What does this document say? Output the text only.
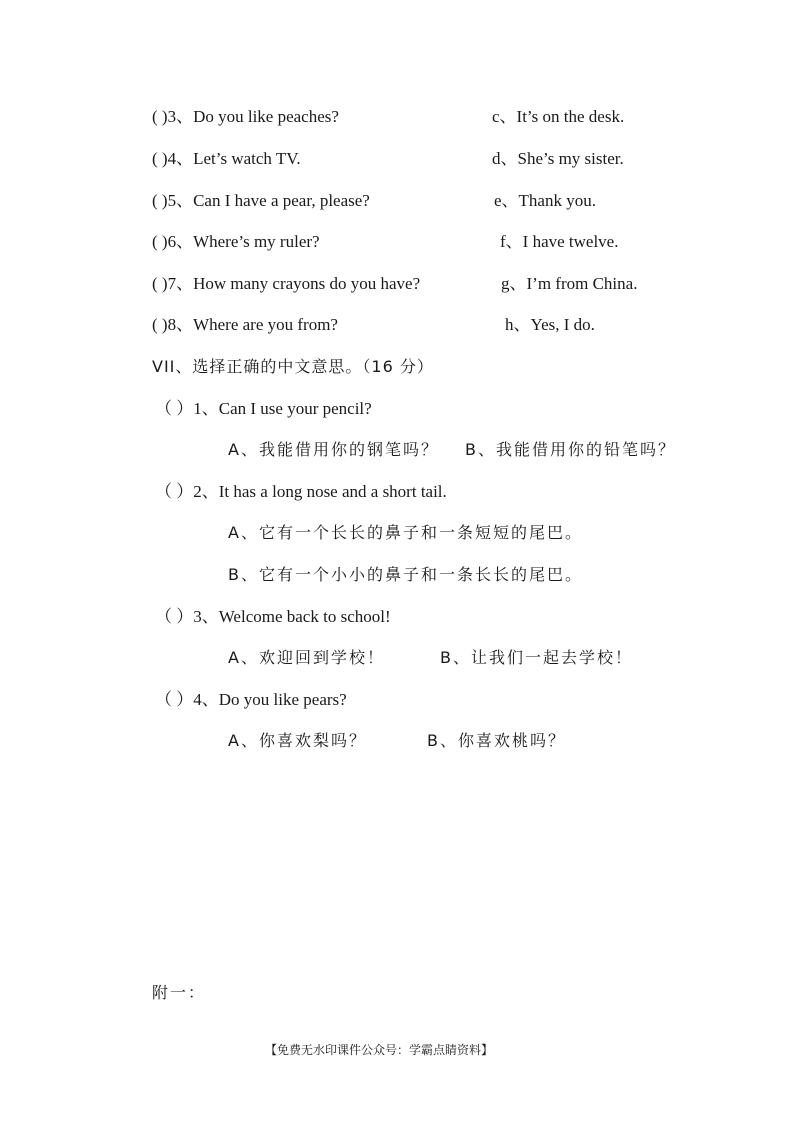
( )3、Do you like peaches?	c、It’s on the desk.
( )4、Let’s watch TV.	d、She’s my sister.
( )5、Can I have a pear, please?	e、Thank you.
( )6、Where’s my ruler?	f、I have twelve.
( )7、How many crayons do you have?	g、I’m from China.
( )8、Where are you from?	h、Yes, I do.
VII、选择正确的中文意思。（16 分）
（ ）1、Can I use your pencil?
A、我能借用你的钢笔吗？ B、我能借用你的铅笔吗？
（ ）2、It has a long nose and a short tail.
A、它有一个长长的鼻子和一条短短的尾巴。
B、它有一个小小的鼻子和一条长长的尾巴。
（ ）3、Welcome back to school!
A、欢迎回到学校！	B、让我们一起去学校！
（ ）4、Do you like pears?
A、你喜欢梨吗？	B、你喜欢桃吗？
附一：
【免费无水印课件公众号：学霸点睛资料】
